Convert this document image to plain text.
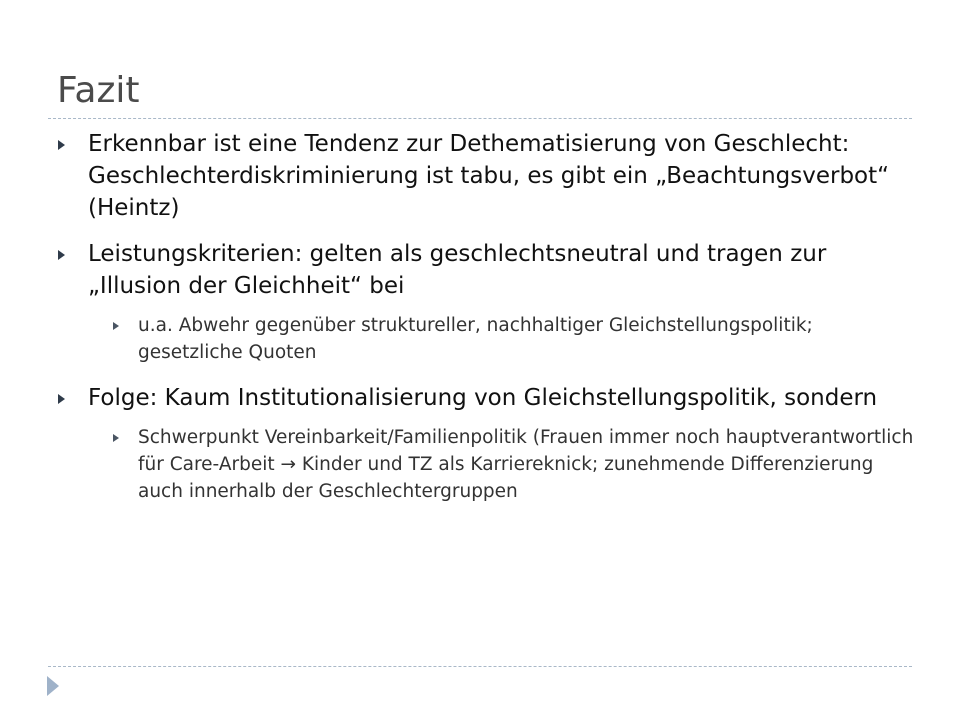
Fazit
Erkennbar ist eine Tendenz zur Dethematisierung von Geschlecht: Geschlechterdiskriminierung ist tabu, es gibt ein „Beachtungsverbot“ (Heintz)
Leistungskriterien: gelten als geschlechtsneutral und tragen zur „Illusion der Gleichheit“ bei
u.a. Abwehr gegenüber struktureller, nachhaltiger Gleichstellungspolitik; gesetzliche Quoten
Folge: Kaum Institutionalisierung von Gleichstellungspolitik, sondern
Schwerpunkt Vereinbarkeit/Familienpolitik (Frauen immer noch hauptverantwortlich für Care-Arbeit → Kinder und TZ als Karriereknick; zunehmende Differenzierung auch innerhalb der Geschlechtergruppen
